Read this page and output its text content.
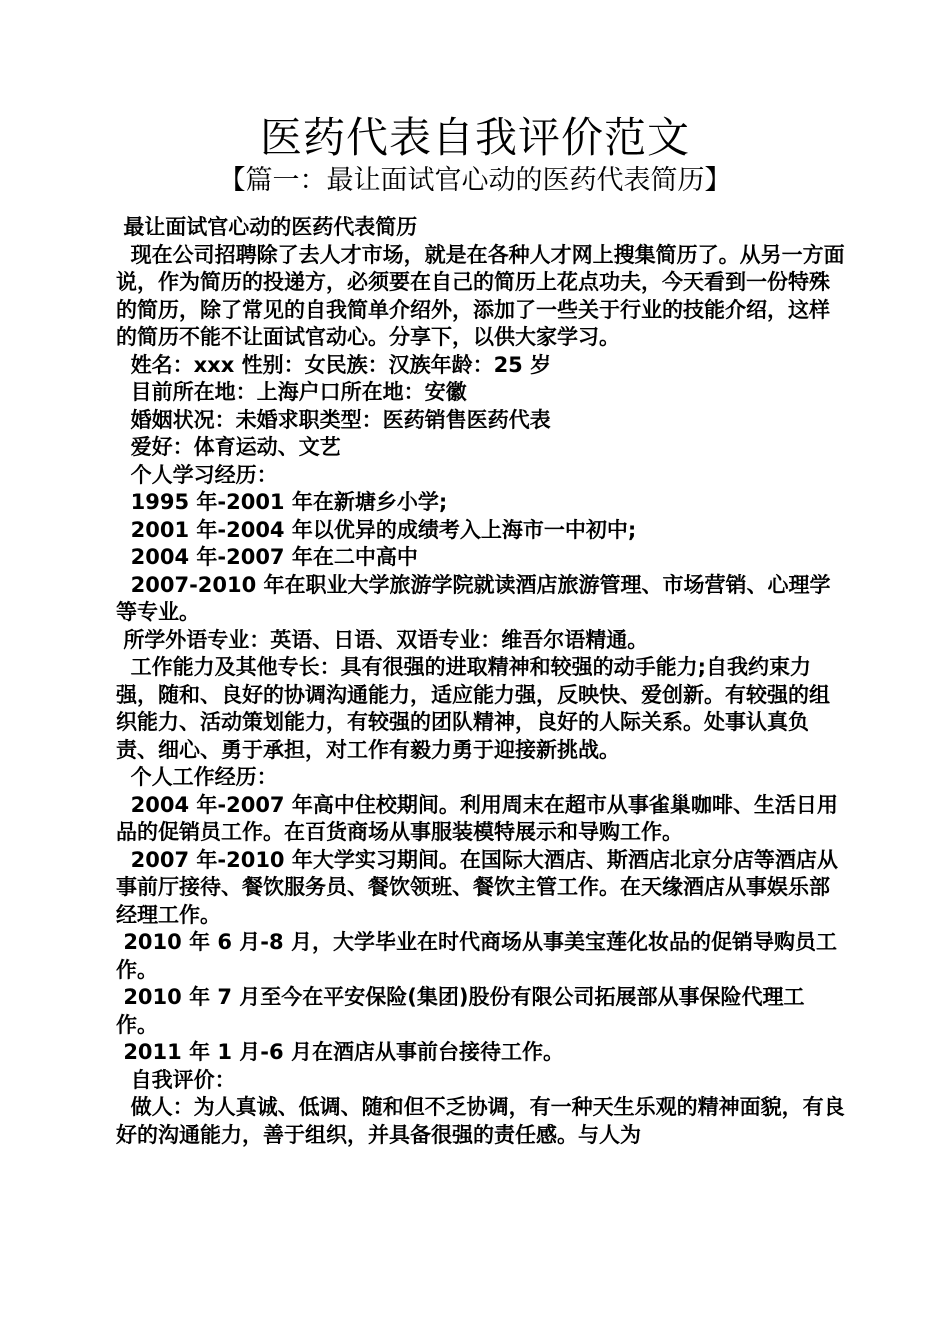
医药代表自我评价范文
【篇一：最让面试官心动的医药代表简历】

最让面试官心动的医药代表简历

现在公司招聘除了去人才市场，就是在各种人才网上搜集简历了。从另一方面说，作为简历的投递方，必须要在自己的简历上花点功夫，今天看到一份特殊的简历，除了常见的自我简单介绍外，添加了一些关于行业的技能介绍，这样的简历不能不让面试官动心。分享下，以供大家学习。

姓名：xxx 性别：女民族：汉族年龄：25 岁

目前所在地：上海户口所在地：安徽

婚姻状况：未婚求职类型：医药销售医药代表

爱好：体育运动、文艺

个人学习经历：

1995 年-2001 年在新塘乡小学;

2001 年-2004 年以优异的成绩考入上海市一中初中;

2004 年-2007 年在二中高中

2007-2010 年在职业大学旅游学院就读酒店旅游管理、市场营销、心理学等专业。

所学外语专业：英语、日语、双语专业：维吾尔语精通。

工作能力及其他专长：具有很强的进取精神和较强的动手能力;自我约束力强，随和、良好的协调沟通能力，适应能力强，反映快、爱创新。有较强的组织能力、活动策划能力，有较强的团队精神，良好的人际关系。处事认真负责、细心、勇于承担，对工作有毅力勇于迎接新挑战。

个人工作经历：

2004 年-2007 年高中住校期间。利用周末在超市从事雀巢咖啡、生活日用品的促销员工作。在百货商场从事服装模特展示和导购工作。

2007 年-2010 年大学实习期间。在国际大酒店、斯酒店北京分店等酒店从事前厅接待、餐饮服务员、餐饮领班、餐饮主管工作。在天缘酒店从事娱乐部经理工作。

2010 年 6 月-8 月，大学毕业在时代商场从事美宝莲化妆品的促销导购员工作。

2010 年 7 月至今在平安保险(集团)股份有限公司拓展部从事保险代理工作。

2011 年 1 月-6 月在酒店从事前台接待工作。

自我评价：

做人：为人真诚、低调、随和但不乏协调，有一种天生乐观的精神面貌，有良好的沟通能力，善于组织，并具备很强的责任感。与人为
